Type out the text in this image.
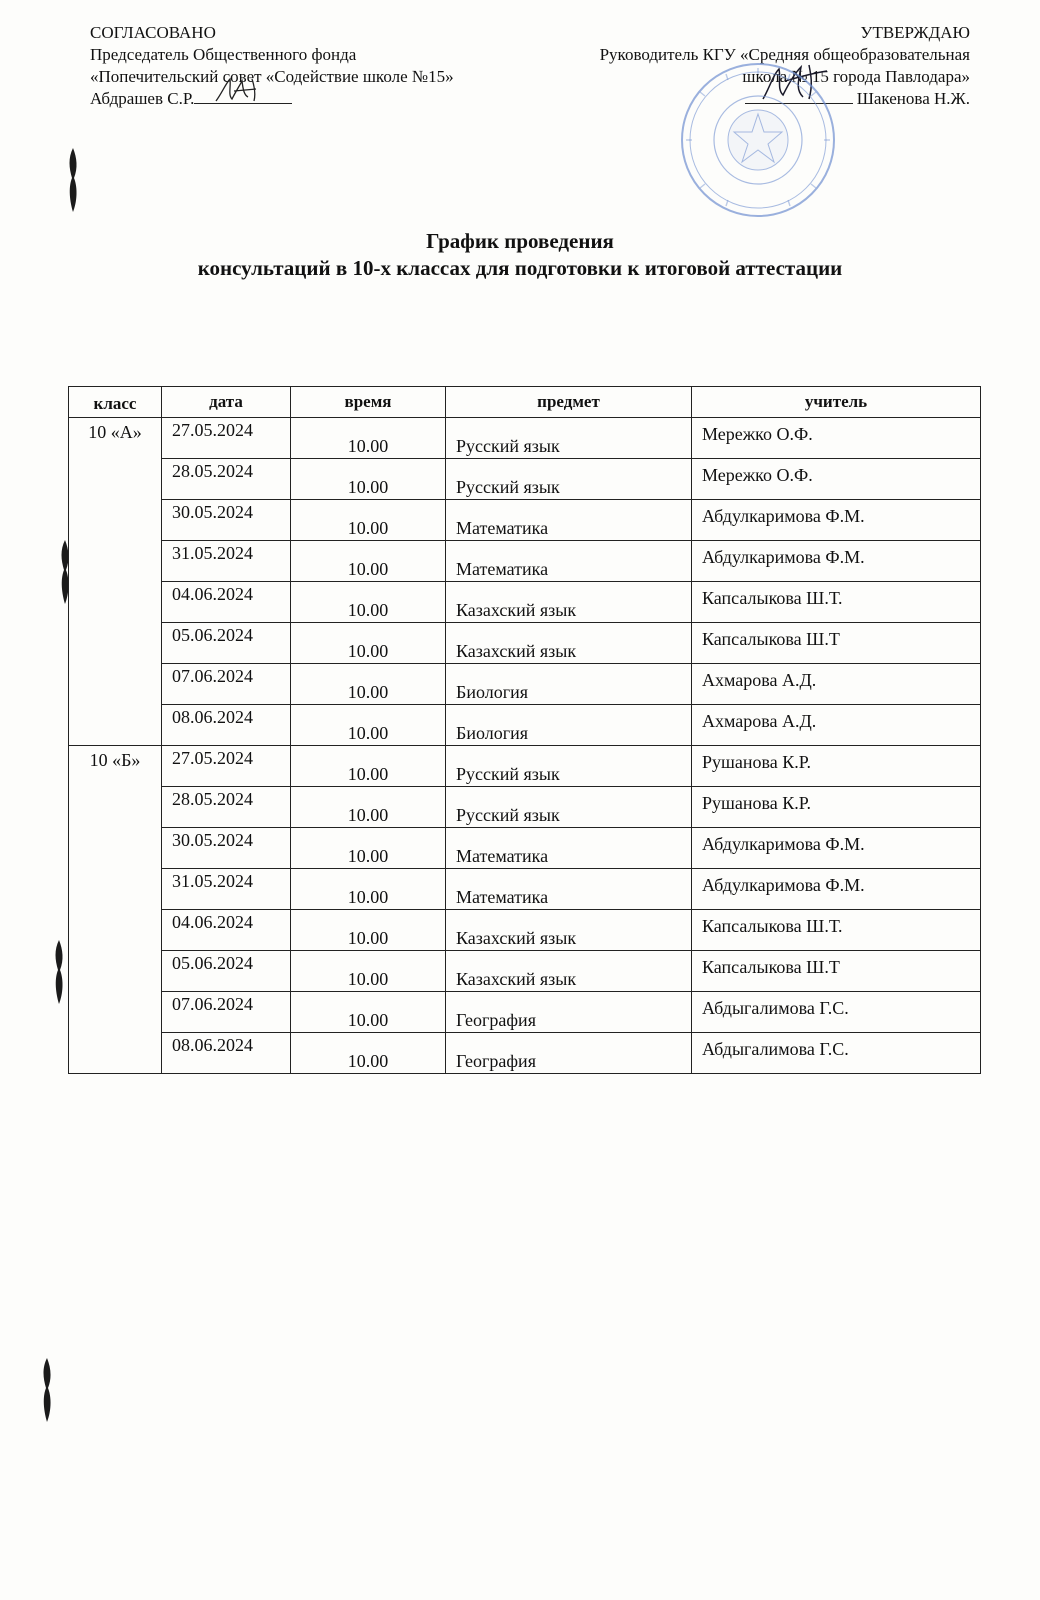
СОГЛАСОВАНО
Председатель Общественного фонда
«Попечительский совет «Содействие школе №15»
Абдрашев С.Р.
УТВЕРЖДАЮ
Руководитель КГУ «Средняя общеобразовательная
школа № 15 города Павлодара»
Шакенова Н.Ж.
График проведения
консультаций в 10-х классах для подготовки к итоговой аттестации
класс	дата	время	предмет	учитель
10 «А»	27.05.2024	10.00	Русский язык	Мережко О.Ф.
	28.05.2024	10.00	Русский язык	Мережко О.Ф.
	30.05.2024	10.00	Математика	Абдулкаримова Ф.М.
	31.05.2024	10.00	Математика	Абдулкаримова Ф.М.
	04.06.2024	10.00	Казахский язык	Капсалыкова Ш.Т.
	05.06.2024	10.00	Казахский язык	Капсалыкова Ш.Т
	07.06.2024	10.00	Биология	Ахмарова А.Д.
	08.06.2024	10.00	Биология	Ахмарова А.Д.
10 «Б»	27.05.2024	10.00	Русский язык	Рушанова К.Р.
	28.05.2024	10.00	Русский язык	Рушанова К.Р.
	30.05.2024	10.00	Математика	Абдулкаримова Ф.М.
	31.05.2024	10.00	Математика	Абдулкаримова Ф.М.
	04.06.2024	10.00	Казахский язык	Капсалыкова Ш.Т.
	05.06.2024	10.00	Казахский язык	Капсалыкова Ш.Т
	07.06.2024	10.00	География	Абдыгалимова Г.С.
	08.06.2024	10.00	География	Абдыгалимова Г.С.
